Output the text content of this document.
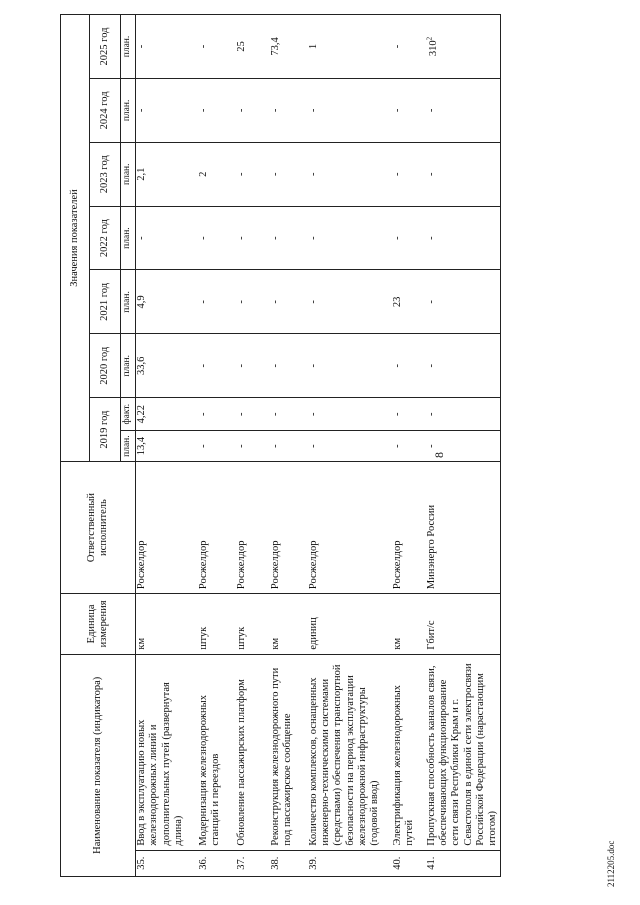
8
Наименование показателя (индикатора)		Единица измерения	Ответственный исполнитель	Значения показателей							
				2019 год		2020 год	2021 год	2022 год	2023 год	2024 год	2025 год
				план.	факт.	план.	план.	план.	план.	план.	план.
35.	Ввод в эксплуатацию новых железнодорожных линий и дополнительных путей (развернутая длина)	км	Росжелдор	13,4	4,22	33,6	4,9	-	2,1	-	-
36.	Модернизация железнодорожных станций и переездов	штук	Росжелдор	-	-	-	-	-	2	-	-
37.	Обновление пассажирских платформ	штук	Росжелдор	-	-	-	-	-	-	-	25
38.	Реконструкция железнодорожного пути под пассажирское сообщение	км	Росжелдор	-	-	-	-	-	-	-	73,4
39.	Количество комплексов, оснащенных инженерно-техническими системами (средствами) обеспечения транспортной безопасности на период эксплуатации железнодорожной инфраструктуры (годовой ввод)	единиц	Росжелдор	-	-	-	-	-	-	-	1
40.	Электрификация железнодорожных путей	км	Росжелдор	-	-	-	23	-	-	-	-
41.	Пропускная способность каналов связи, обеспечивающих функционирование сети связи Республики Крым и г. Севастополя в единой сети электросвязи Российской Федерации (нарастающим итогом)	Гбит/с	Минэнерго России	-	-	-	-	-	-	-	$310^2$
2112205.doc
